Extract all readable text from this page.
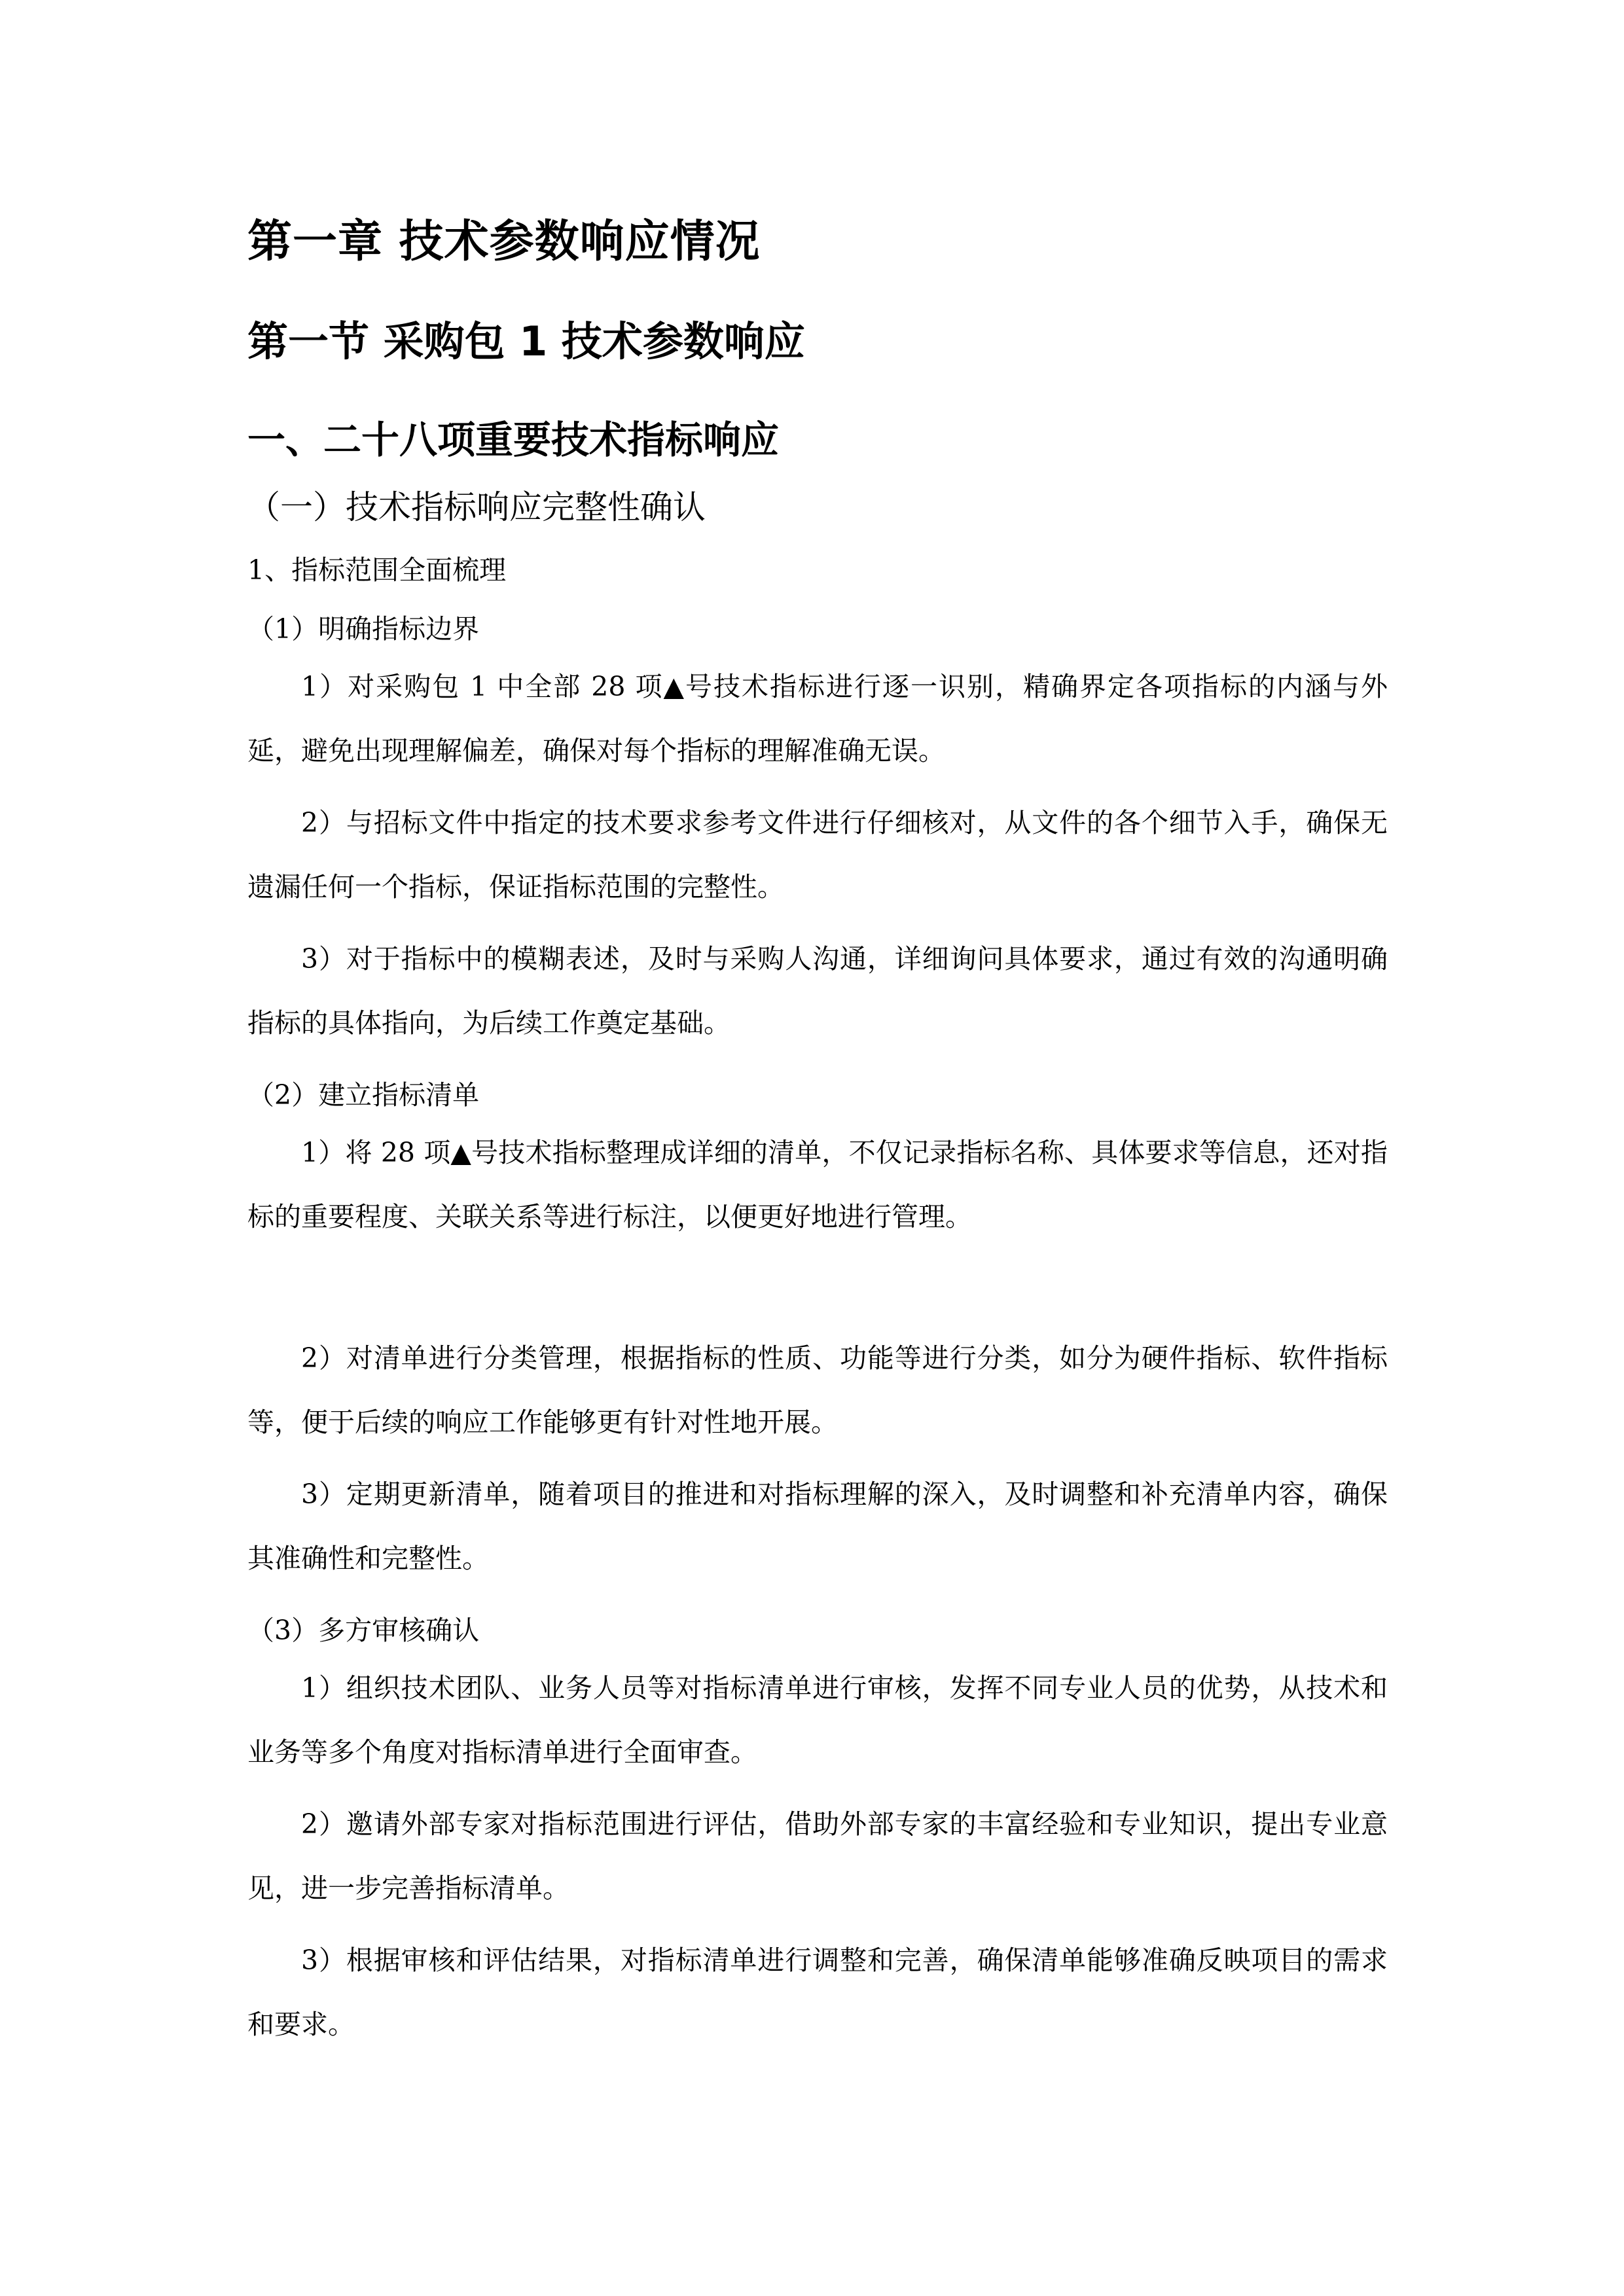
第一章 技术参数响应情况
第一节 采购包 1 技术参数响应
一、二十八项重要技术指标响应
（一）技术指标响应完整性确认
1、指标范围全面梳理
（1）明确指标边界
1）对采购包 1 中全部 28 项▲号技术指标进行逐一识别，精确界定各项指标的内涵与外延，避免出现理解偏差，确保对每个指标的理解准确无误。
2）与招标文件中指定的技术要求参考文件进行仔细核对，从文件的各个细节入手，确保无遗漏任何一个指标，保证指标范围的完整性。
3）对于指标中的模糊表述，及时与采购人沟通，详细询问具体要求，通过有效的沟通明确指标的具体指向，为后续工作奠定基础。
（2）建立指标清单
1）将 28 项▲号技术指标整理成详细的清单，不仅记录指标名称、具体要求等信息，还对指标的重要程度、关联关系等进行标注，以便更好地进行管理。
2）对清单进行分类管理，根据指标的性质、功能等进行分类，如分为硬件指标、软件指标等，便于后续的响应工作能够更有针对性地开展。
3）定期更新清单，随着项目的推进和对指标理解的深入，及时调整和补充清单内容，确保其准确性和完整性。
（3）多方审核确认
1）组织技术团队、业务人员等对指标清单进行审核，发挥不同专业人员的优势，从技术和业务等多个角度对指标清单进行全面审查。
2）邀请外部专家对指标范围进行评估，借助外部专家的丰富经验和专业知识，提出专业意见，进一步完善指标清单。
3）根据审核和评估结果，对指标清单进行调整和完善，确保清单能够准确反映项目的需求和要求。
